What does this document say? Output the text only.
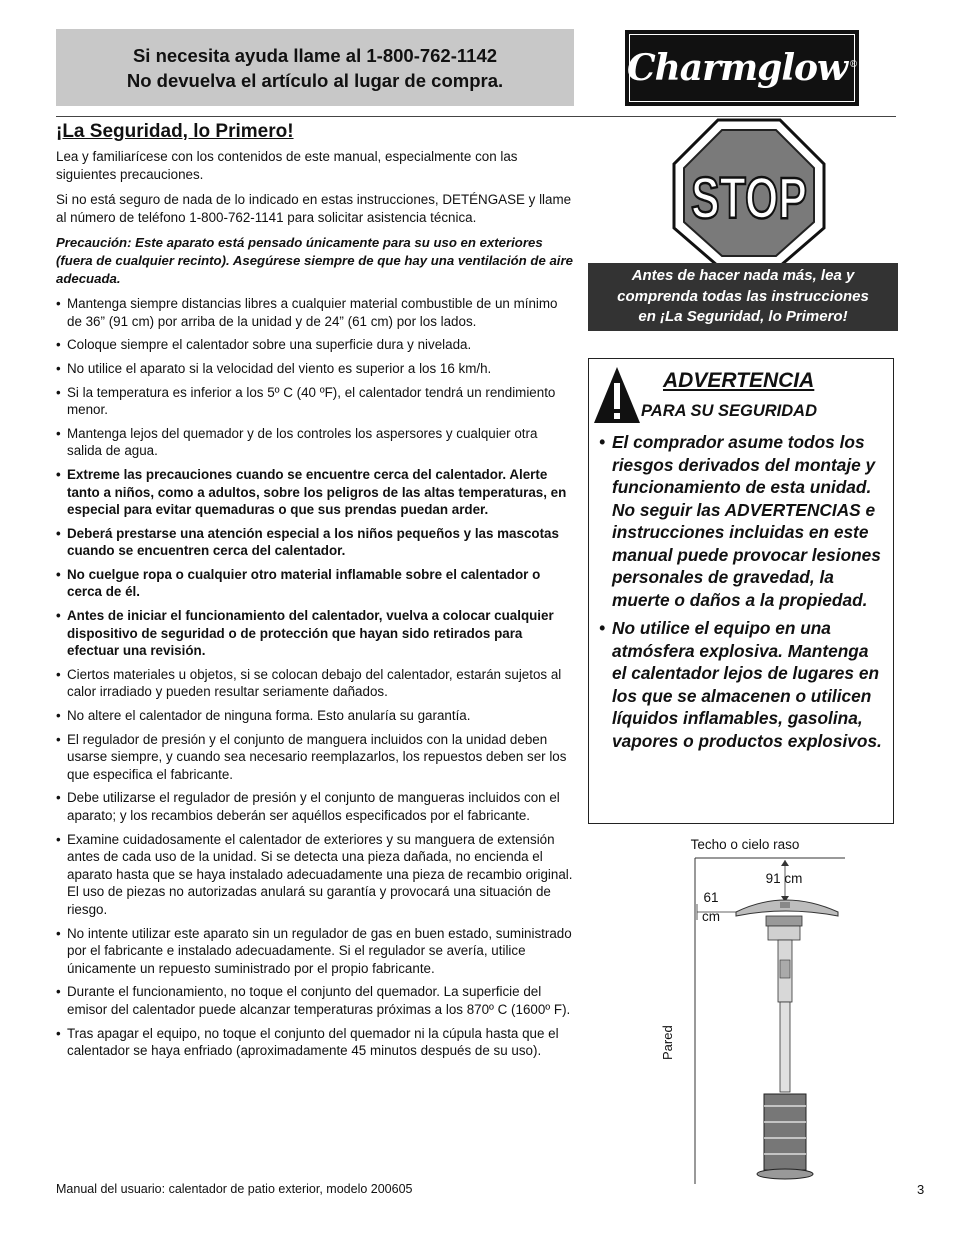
Si necesita ayuda llame al 1-800-762-1142
No devuelva el artículo al lugar de compra.	Charmglow ®
¡La Seguridad, lo Primero!

Lea y familiarícese con los contenidos de este manual, especialmente con las siguientes precauciones.

Si no está seguro de nada de lo indicado en estas instrucciones, DETÉNGASE y llame al número de teléfono 1-800-762-1141 para solicitar asistencia técnica.

Precaución: Este aparato está pensado únicamente para su uso en exteriores (fuera de cualquier recinto). Asegúrese siempre de que hay una ventilación de aire adecuada.

• Mantenga siempre distancias libres a cualquier material combustible de un mínimo de 36” (91 cm) por arriba de la unidad y de 24” (61 cm) por los lados.
• Coloque siempre el calentador sobre una superficie dura y nivelada.
• No utilice el aparato si la velocidad del viento es superior a los 16 km/h.
• Si la temperatura es inferior a los 5º C (40 ºF), el calentador tendrá un rendimiento menor.
• Mantenga lejos del quemador y de los controles los aspersores y cualquier otra salida de agua.
• Extreme las precauciones cuando se encuentre cerca del calentador. Alerte tanto a niños, como a adultos, sobre los peligros de las altas temperaturas, en especial para evitar quemaduras o que sus prendas puedan arder.
• Deberá prestarse una atención especial a los niños pequeños y las mascotas cuando se encuentren cerca del calentador.
• No cuelgue ropa o cualquier otro material inflamable sobre el calentador o cerca de él.
• Antes de iniciar el funcionamiento del calentador, vuelva a colocar cualquier dispositivo de seguridad o de protección que hayan sido retirados para efectuar una revisión.
• Ciertos materiales u objetos, si se colocan debajo del calentador, estarán sujetos al calor irradiado y pueden resultar seriamente dañados.
• No altere el calentador de ninguna forma. Esto anularía su garantía.
• El regulador de presión y el conjunto de manguera incluidos con la unidad deben usarse siempre, y cuando sea necesario reemplazarlos, los repuestos deben ser los que especifica el fabricante.
• Debe utilizarse el regulador de presión y el conjunto de mangueras incluidos con el aparato; y los recambios deberán ser aquéllos especificados por el fabricante.
• Examine cuidadosamente el calentador de exteriores y su manguera de extensión antes de cada uso de la unidad. Si se detecta una pieza dañada, no encienda el aparato hasta que se haya instalado adecuadamente una pieza de recambio original. El uso de piezas no autorizadas anulará su garantía y provocará una situación de riesgo.
• No intente utilizar este aparato sin un regulador de gas en buen estado, suministrado por el fabricante e instalado adecuadamente. Si el regulador se avería, utilice únicamente un repuesto suministrado por el propio fabricante.
• Durante el funcionamiento, no toque el conjunto del quemador. La superficie del emisor del calentador puede alcanzar temperaturas próximas a los 870º C (1600º F).
• Tras apagar el equipo, no toque el conjunto del quemador ni la cúpula hasta que el calentador se haya enfriado (aproximadamente 45 minutos después de su uso).
STOP
Antes de hacer nada más, lea y
comprenda todas las instrucciones
en ¡La Seguridad, lo Primero!
ADVERTENCIA
PARA SU SEGURIDAD
• El comprador asume todos los riesgos derivados del montaje y funcionamiento de esta unidad. No seguir las ADVERTENCIAS e instrucciones incluidas en este manual puede provocar lesiones personales de gravedad, la muerte o daños a la propiedad.
• No utilice el equipo en una atmósfera explosiva. Mantenga el calentador lejos de lugares en los que se almacenen o utilicen líquidos inflamables, gasolina, vapores o productos explosivos.
Techo o cielo raso
91 cm
61
cm
Pared
Manual del usuario: calentador de patio exterior, modelo 200605	3
